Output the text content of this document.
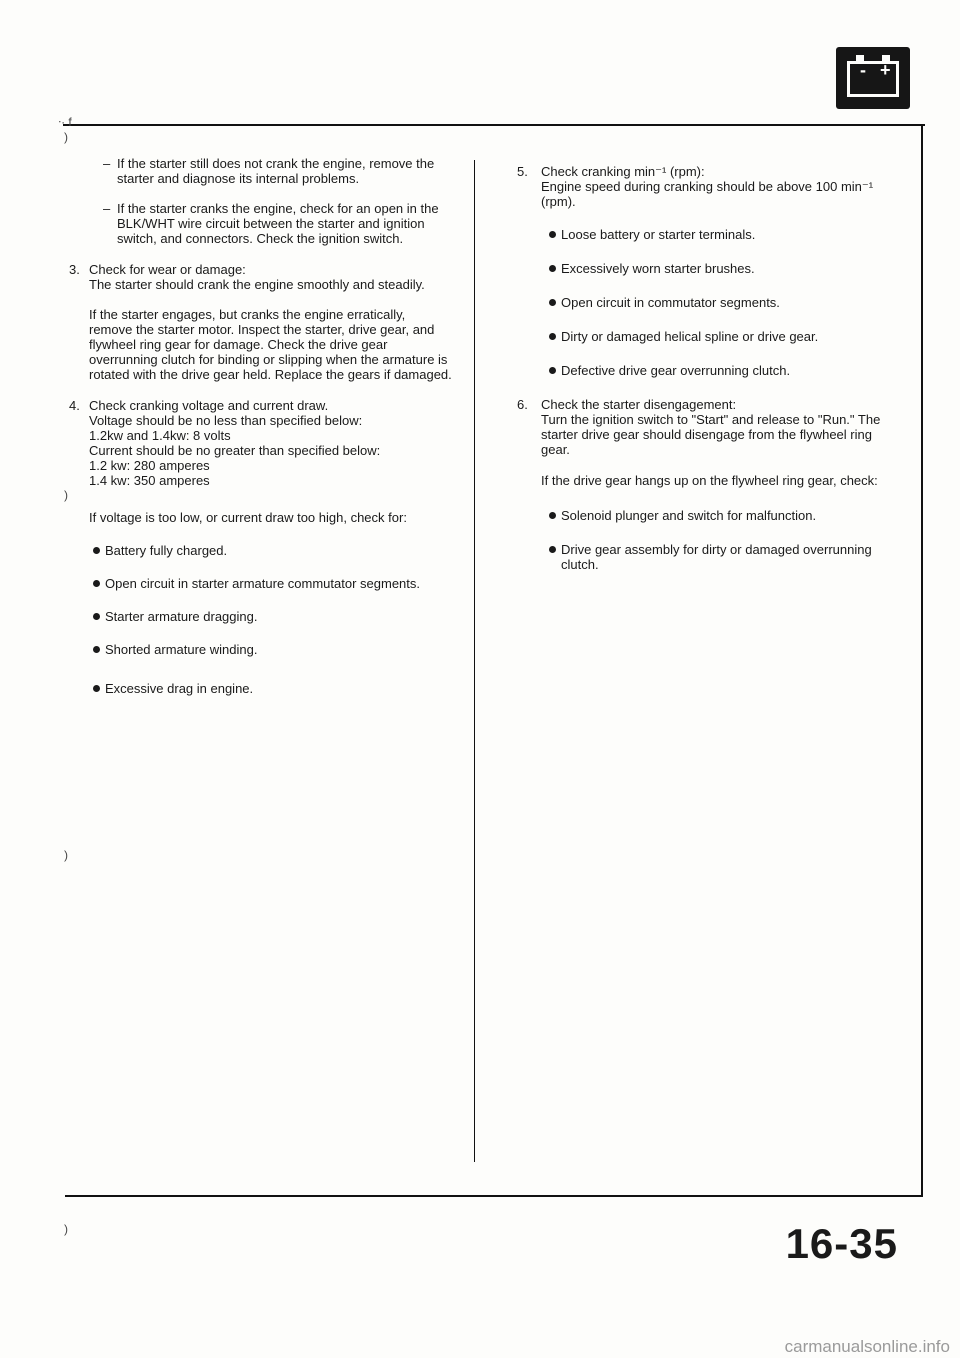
ᐧ· f
)
)
)
)
- +
– If the starter still does not crank the engine, remove the starter and diagnose its internal problems.
– If the starter cranks the engine, check for an open in the BLK/WHT wire circuit between the starter and ignition switch, and connectors. Check the ignition switch.
3. Check for wear or damage:
The starter should crank the engine smoothly and steadily.
If the starter engages, but cranks the engine erratically, remove the starter motor. Inspect the starter, drive gear, and flywheel ring gear for damage. Check the drive gear overrunning clutch for binding or slipping when the armature is rotated with the drive gear held. Replace the gears if damaged.
4. Check cranking voltage and current draw.
Voltage should be no less than specified below:
1.2kw and 1.4kw: 8 volts
Current should be no greater than specified below:
1.2 kw: 280 amperes
1.4 kw: 350 amperes
If voltage is too low, or current draw too high, check for:
Battery fully charged.
Open circuit in starter armature commutator segments.
Starter armature dragging.
Shorted armature winding.
Excessive drag in engine.
5. Check cranking min⁻¹ (rpm):
Engine speed during cranking should be above 100 min⁻¹ (rpm).
Loose battery or starter terminals.
Excessively worn starter brushes.
Open circuit in commutator segments.
Dirty or damaged helical spline or drive gear.
Defective drive gear overrunning clutch.
6. Check the starter disengagement:
Turn the ignition switch to "Start" and release to "Run." The starter drive gear should disengage from the flywheel ring gear.
If the drive gear hangs up on the flywheel ring gear, check:
Solenoid plunger and switch for malfunction.
Drive gear assembly for dirty or damaged overrunning clutch.
16-35
carmanualsonline.info
